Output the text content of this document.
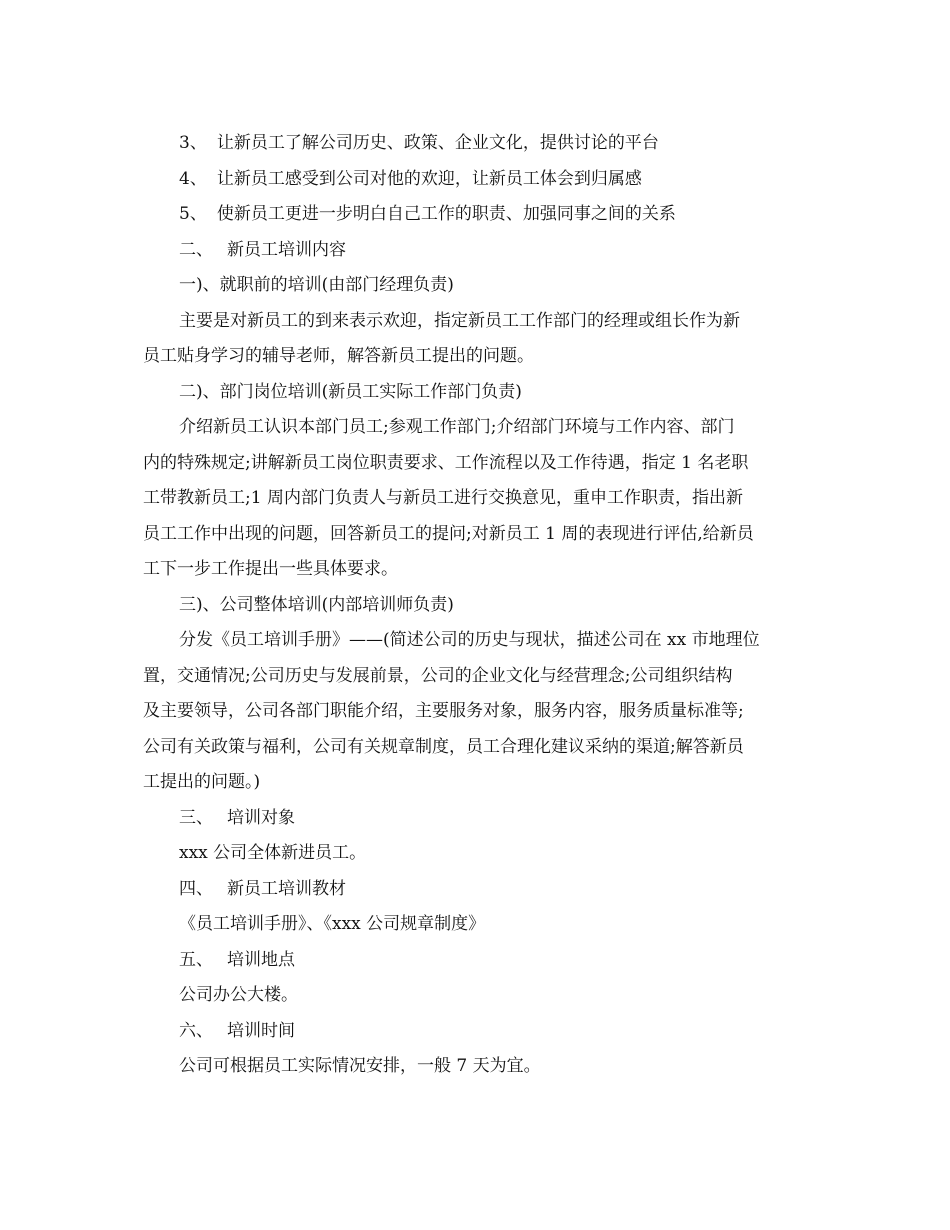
3、 让新员工了解公司历史、政策、企业文化，提供讨论的平台

4、 让新员工感受到公司对他的欢迎，让新员工体会到归属感

5、 使新员工更进一步明白自己工作的职责、加强同事之间的关系

二、 新员工培训内容

一)、就职前的培训(由部门经理负责)

主要是对新员工的到来表示欢迎，指定新员工工作部门的经理或组长作为新

员工贴身学习的辅导老师，解答新员工提出的问题。

二)、部门岗位培训(新员工实际工作部门负责)

介绍新员工认识本部门员工;参观工作部门;介绍部门环境与工作内容、部门

内的特殊规定;讲解新员工岗位职责要求、工作流程以及工作待遇，指定 1 名老职

工带教新员工;1 周内部门负责人与新员工进行交换意见，重申工作职责，指出新

员工工作中出现的问题，回答新员工的提问;对新员工 1 周的表现进行评估,给新员

工下一步工作提出一些具体要求。

三)、公司整体培训(内部培训师负责)

分发《员工培训手册》——(简述公司的历史与现状，描述公司在 xx 市地理位

置，交通情况;公司历史与发展前景，公司的企业文化与经营理念;公司组织结构

及主要领导，公司各部门职能介绍，主要服务对象，服务内容，服务质量标准等;

公司有关政策与福利，公司有关规章制度，员工合理化建议采纳的渠道;解答新员

工提出的问题。)

三、 培训对象

xxx 公司全体新进员工。

四、 新员工培训教材

《员工培训手册》、《xxx 公司规章制度》

五、 培训地点

公司办公大楼。

六、 培训时间

公司可根据员工实际情况安排，一般 7 天为宜。
